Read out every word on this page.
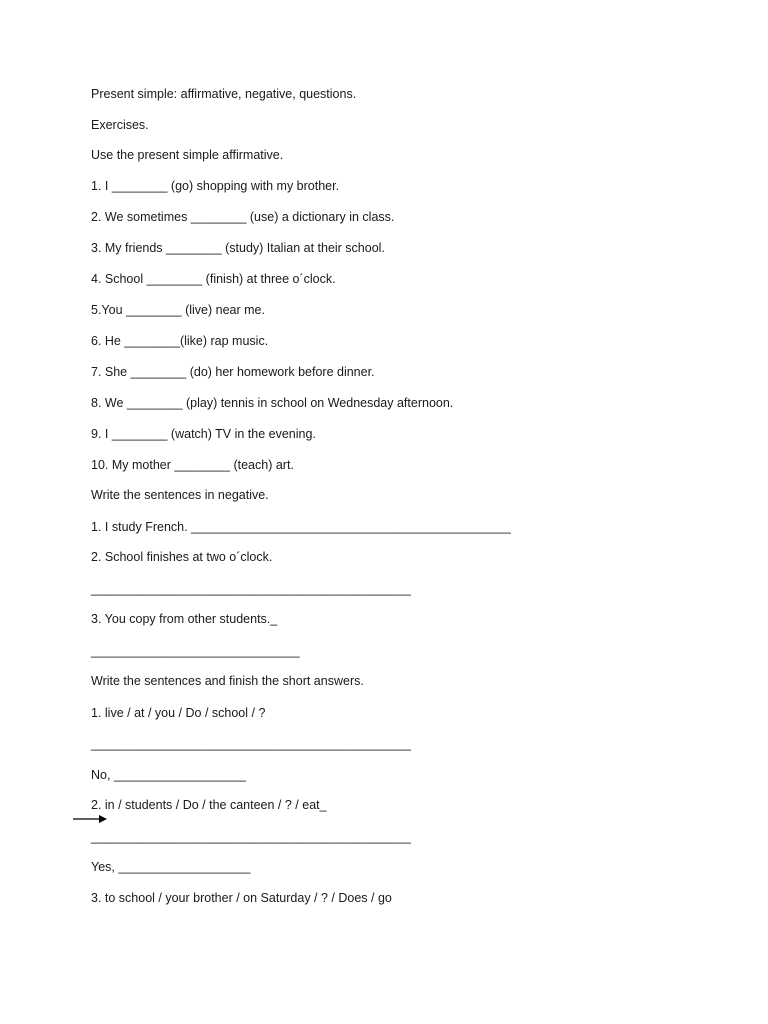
Present simple: affirmative, negative, questions.
Exercises.
Use the present simple affirmative.
1. I ________ (go) shopping with my brother.
2. We sometimes ________ (use) a dictionary in class.
3. My friends ________ (study) Italian at their school.
4. School ________ (finish) at three o´clock.
5.You ________ (live) near me.
6. He ________(like) rap music.
7. She ________ (do) her homework before dinner.
8. We ________ (play) tennis in school on Wednesday afternoon.
9. I ________ (watch) TV in the evening.
10. My mother ________ (teach) art.
Write the sentences in negative.
1. I study French. ______________________________________________
2. School finishes at two o´clock.
______________________________________________
3. You copy from other students._
______________________________
Write the sentences and finish the short answers.
1. live / at / you / Do / school / ?
______________________________________________
No, ___________________
2. in / students / Do / the canteen / ? / eat_
______________________________________________
Yes, ___________________
3. to school / your brother / on Saturday / ? / Does / go
